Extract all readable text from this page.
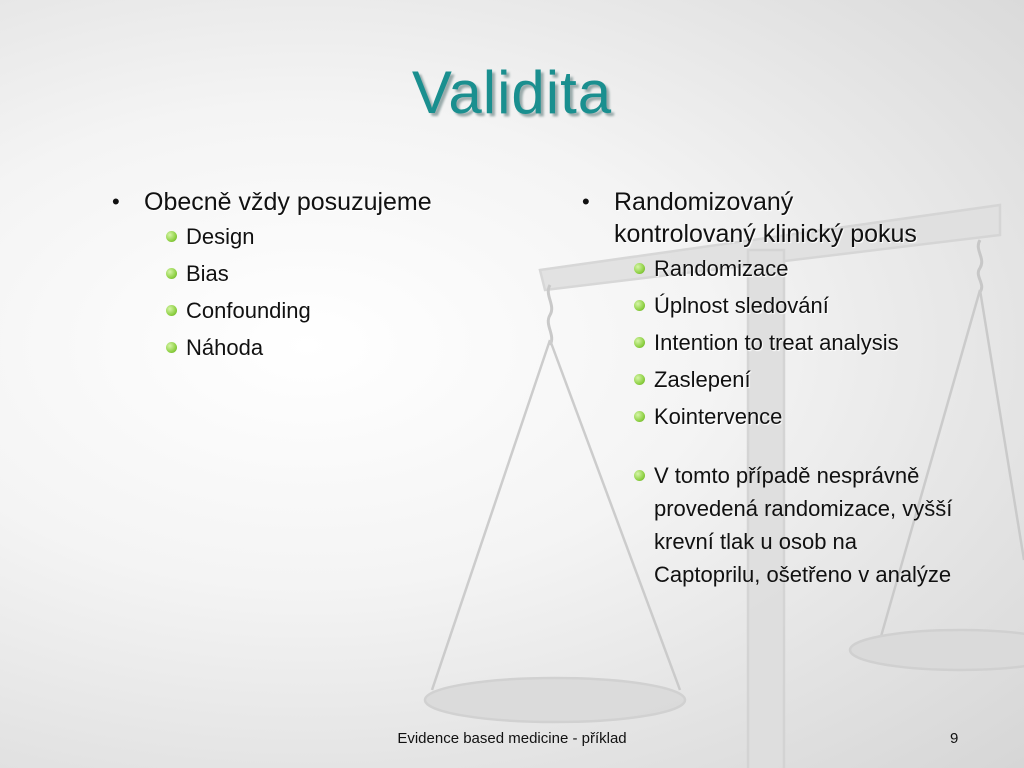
Validita
• Obecně vždy posuzujeme
Design
Bias
Confounding
Náhoda
• Randomizovaný
kontrolovaný klinický pokus
Randomizace
Úplnost sledování
Intention to treat analysis
Zaslepení
Kointervence
V tomto případě nesprávně provedená randomizace, vyšší krevní tlak u osob na Captoprilu, ošetřeno v analýze
Evidence based medicine - příklad	9
